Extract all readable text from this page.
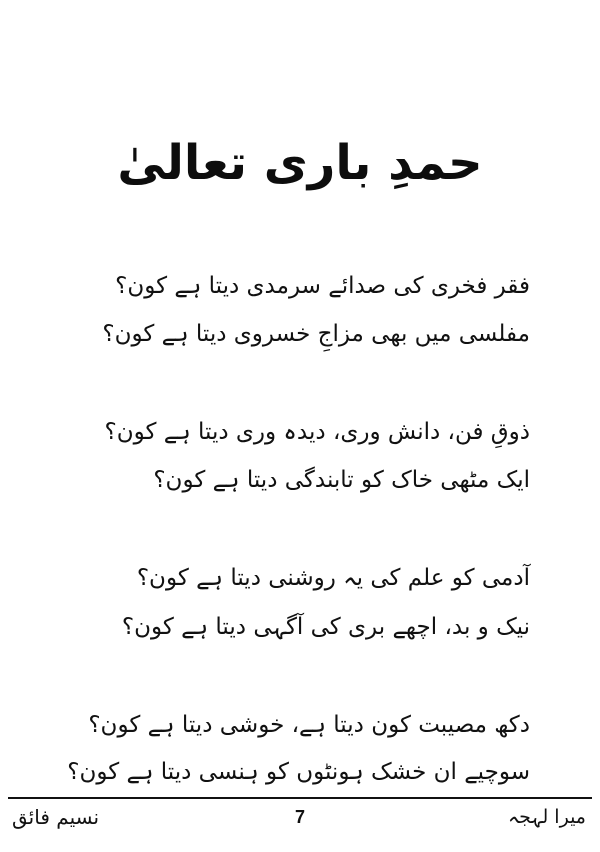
حمدِ باری تعالیٰ
فقر فخری کی صدائے سرمدی دیتا ہے کون؟
مفلسی میں بھی مزاجِ خسروی دیتا ہے کون؟
ذوقِ فن، دانش وری، دیدہ وری دیتا ہے کون؟
ایک مٹھی خاک کو تابندگی دیتا ہے کون؟
آدمی کو علم کی یہ روشنی دیتا ہے کون؟
نیک و بد، اچھے بری کی آگہی دیتا ہے کون؟
دکھ مصیبت کون دیتا ہے، خوشی دیتا ہے کون؟
سوچیے ان خشک ہونٹوں کو ہنسی دیتا ہے کون؟
نسیم فائق	7	میرا لہجہ
